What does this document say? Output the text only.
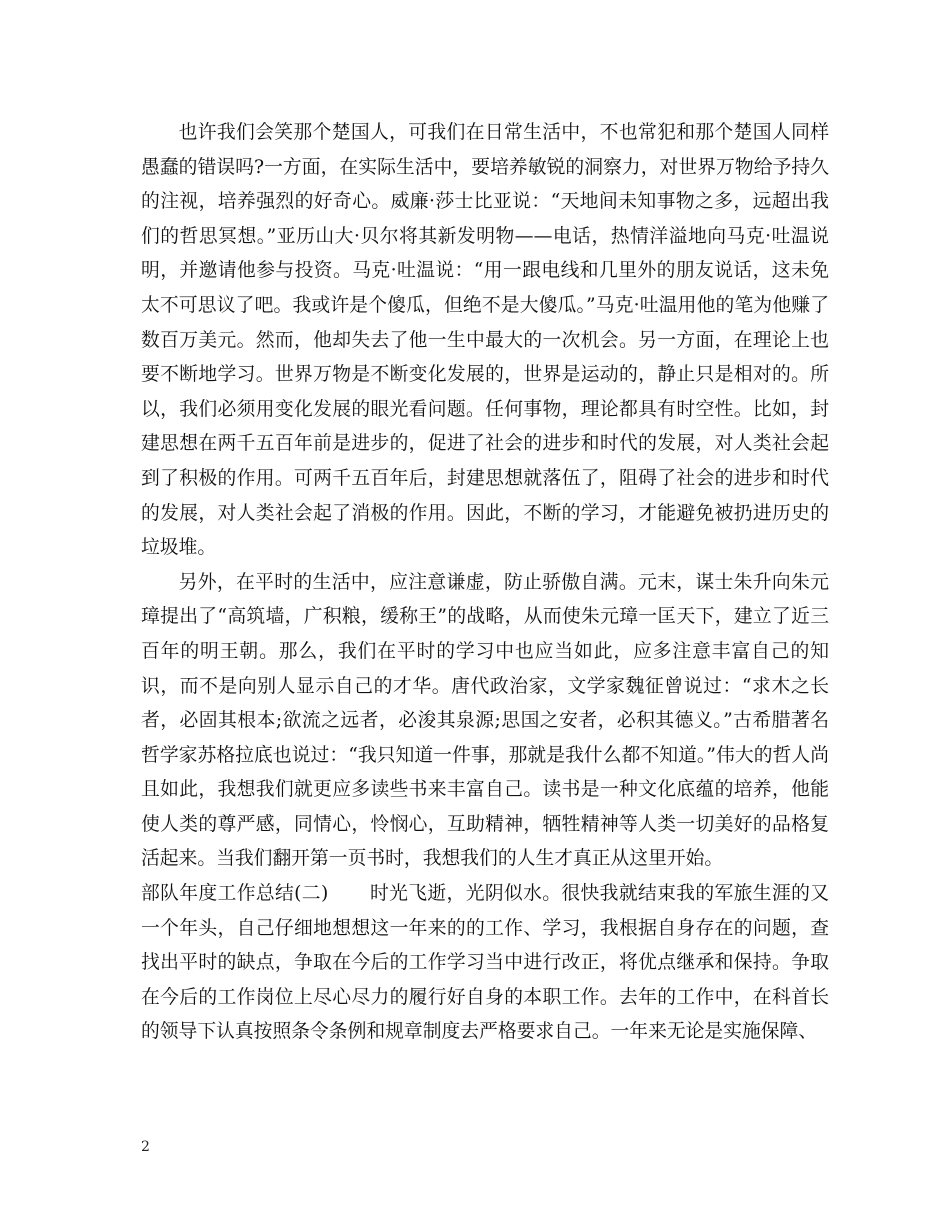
也许我们会笑那个楚国人，可我们在日常生活中，不也常犯和那个楚国人同样愚蠢的错误吗?一方面，在实际生活中，要培养敏锐的洞察力，对世界万物给予持久的注视，培养强烈的好奇心。威廉·莎士比亚说：“天地间未知事物之多，远超出我们的哲思冥想。”亚历山大·贝尔将其新发明物——电话，热情洋溢地向马克·吐温说明，并邀请他参与投资。马克·吐温说：“用一跟电线和几里外的朋友说话，这未免太不可思议了吧。我或许是个傻瓜，但绝不是大傻瓜。”马克·吐温用他的笔为他赚了数百万美元。然而，他却失去了他一生中最大的一次机会。另一方面，在理论上也要不断地学习。世界万物是不断变化发展的，世界是运动的，静止只是相对的。所以，我们必须用变化发展的眼光看问题。任何事物，理论都具有时空性。比如，封建思想在两千五百年前是进步的，促进了社会的进步和时代的发展，对人类社会起到了积极的作用。可两千五百年后，封建思想就落伍了，阻碍了社会的进步和时代的发展，对人类社会起了消极的作用。因此，不断的学习，才能避免被扔进历史的垃圾堆。

另外，在平时的生活中，应注意谦虚，防止骄傲自满。元末，谋士朱升向朱元璋提出了“高筑墙，广积粮，缓称王”的战略，从而使朱元璋一匡天下，建立了近三百年的明王朝。那么，我们在平时的学习中也应当如此，应多注意丰富自己的知识，而不是向别人显示自己的才华。唐代政治家，文学家魏征曾说过：“求木之长者，必固其根本;欲流之远者，必浚其泉源;思国之安者，必积其德义。”古希腊著名哲学家苏格拉底也说过：“我只知道一件事，那就是我什么都不知道。”伟大的哲人尚且如此，我想我们就更应多读些书来丰富自己。读书是一种文化底蕴的培养，他能使人类的尊严感，同情心，怜悯心，互助精神，牺牲精神等人类一切美好的品格复活起来。当我们翻开第一页书时，我想我们的人生才真正从这里开始。

部队年度工作总结(二) 时光飞逝，光阴似水。很快我就结束我的军旅生涯的又一个年头，自己仔细地想想这一年来的的工作、学习，我根据自身存在的问题，查找出平时的缺点，争取在今后的工作学习当中进行改正，将优点继承和保持。争取在今后的工作岗位上尽心尽力的履行好自身的本职工作。去年的工作中，在科首长的领导下认真按照条令条例和规章制度去严格要求自己。一年来无论是实施保障、

2
